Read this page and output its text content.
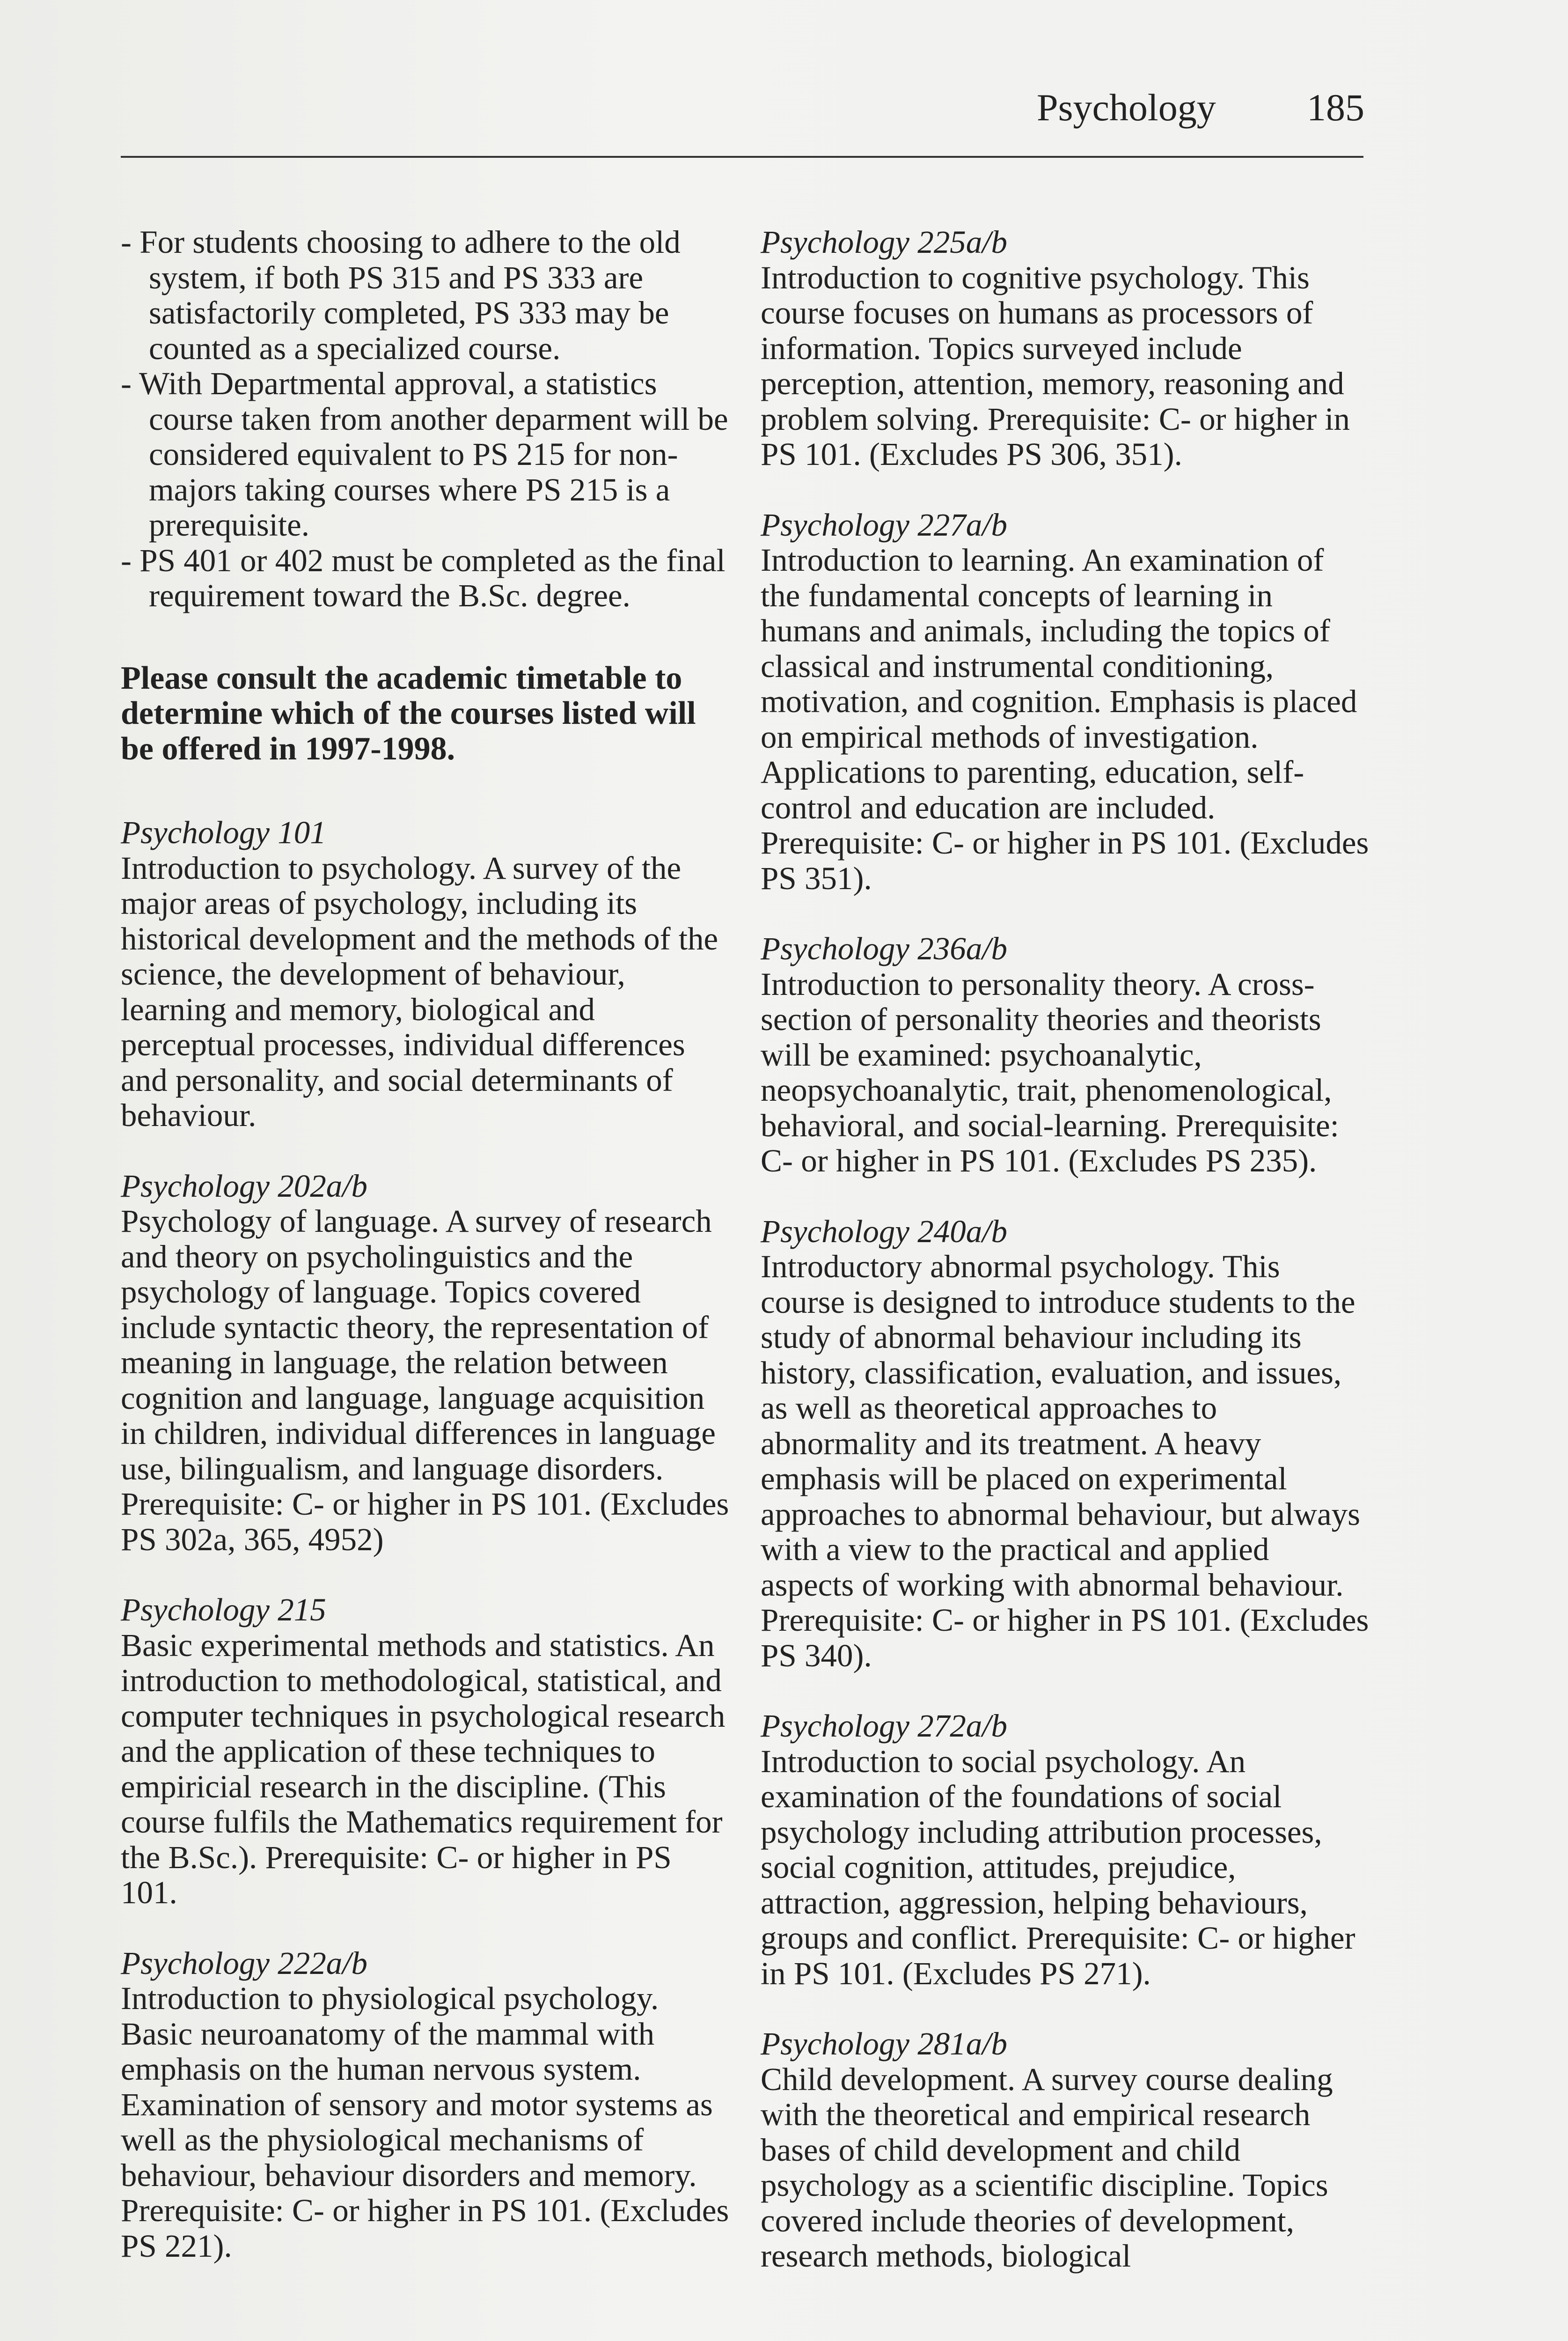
Psychology 185
- For students choosing to adhere to the old system, if both PS 315 and PS 333 are satisfactorily completed, PS 333 may be counted as a specialized course.
- With Departmental approval, a statistics course taken from another deparment will be considered equivalent to PS 215 for non-majors taking courses where PS 215 is a prerequisite.
- PS 401 or 402 must be completed as the final requirement toward the B.Sc. degree.

Please consult the academic timetable to determine which of the courses listed will be offered in 1997-1998.

Psychology 101
Introduction to psychology. A survey of the major areas of psychology, including its historical development and the methods of the science, the development of behaviour, learning and memory, biological and perceptual processes, individual differences and personality, and social determinants of behaviour.
Psychology 202a/b
Psychology of language. A survey of research and theory on psycholinguistics and the psychology of language. Topics covered include syntactic theory, the representation of meaning in language, the relation between cognition and language, language acquisition in children, individual differences in language use, bilingualism, and language disorders. Prerequisite: C- or higher in PS 101. (Excludes PS 302a, 365, 4952)
Psychology 215
Basic experimental methods and statistics. An introduction to methodological, statistical, and computer techniques in psychological research and the application of these techniques to empiricial research in the discipline. (This course fulfils the Mathematics requirement for the B.Sc.). Prerequisite: C- or higher in PS 101.
Psychology 222a/b
Introduction to physiological psychology. Basic neuroanatomy of the mammal with emphasis on the human nervous system. Examination of sensory and motor systems as well as the physiological mechanisms of behaviour, behaviour disorders and memory. Prerequisite: C- or higher in PS 101. (Excludes PS 221).
Psychology 225a/b
Introduction to cognitive psychology. This course focuses on humans as processors of information. Topics surveyed include perception, attention, memory, reasoning and problem solving. Prerequisite: C- or higher in PS 101. (Excludes PS 306, 351).
Psychology 227a/b
Introduction to learning. An examination of the fundamental concepts of learning in humans and animals, including the topics of classical and instrumental conditioning, motivation, and cognition. Emphasis is placed on empirical methods of investigation. Applications to parenting, education, self-control and education are included. Prerequisite: C- or higher in PS 101. (Excludes PS 351).
Psychology 236a/b
Introduction to personality theory. A cross-section of personality theories and theorists will be examined: psychoanalytic, neopsychoanalytic, trait, phenomenological, behavioral, and social-learning. Prerequisite: C- or higher in PS 101. (Excludes PS 235).
Psychology 240a/b
Introductory abnormal psychology. This course is designed to introduce students to the study of abnormal behaviour including its history, classification, evaluation, and issues, as well as theoretical approaches to abnormality and its treatment. A heavy emphasis will be placed on experimental approaches to abnormal behaviour, but always with a view to the practical and applied aspects of working with abnormal behaviour. Prerequisite: C- or higher in PS 101. (Excludes PS 340).
Psychology 272a/b
Introduction to social psychology. An examination of the foundations of social psychology including attribution processes, social cognition, attitudes, prejudice, attraction, aggression, helping behaviours, groups and conflict. Prerequisite: C- or higher in PS 101. (Excludes PS 271).
Psychology 281a/b
Child development. A survey course dealing with the theoretical and empirical research bases of child development and child psychology as a scientific discipline. Topics covered include theories of development, research methods, biological
